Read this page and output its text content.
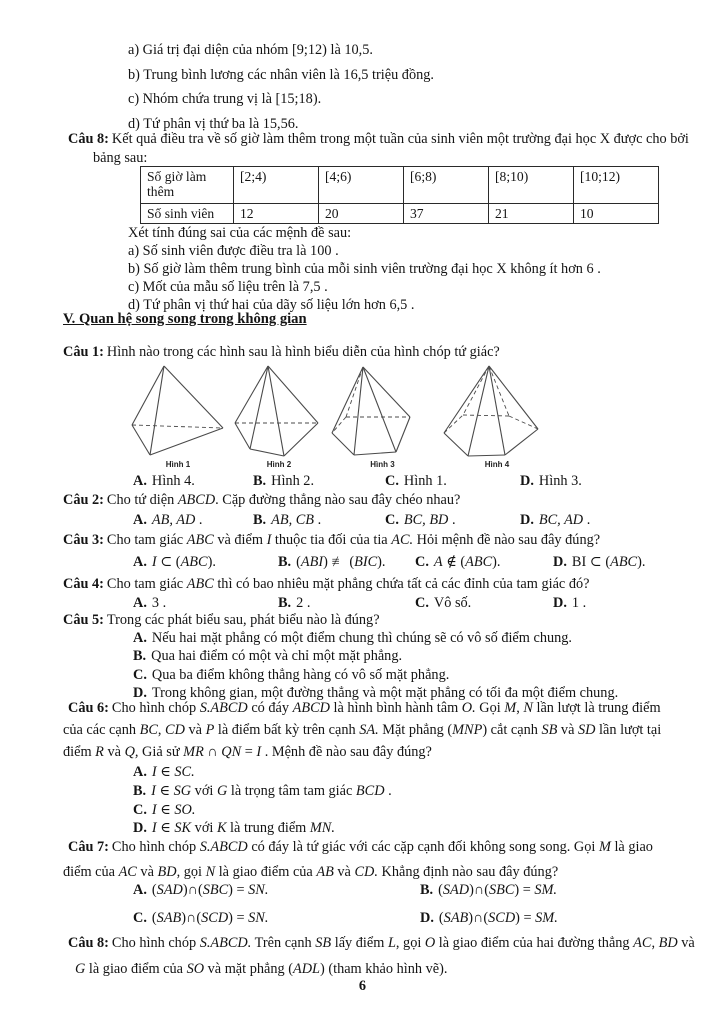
a) Giá trị đại diện của nhóm [9;12) là 10,5.
b) Trung bình lương các nhân viên là 16,5 triệu đồng.
c) Nhóm chứa trung vị là [15;18).
d) Tứ phân vị thứ ba là 15,56.
Câu 8: Kết quả điều tra về số giờ làm thêm trong một tuần của sinh viên một trường đại học X được cho bởi bảng sau:
Số giờ làm thêm	[2;4)	[4;6)	[6;8)	[8;10)	[10;12)
Số sinh viên	12	20	37	21	10
Xét tính đúng sai của các mệnh đề sau:
a) Số sinh viên được điều tra là 100 .
b) Số giờ làm thêm trung bình của mỗi sinh viên trường đại học X không ít hơn 6 .
c) Mốt của mẫu số liệu trên là 7,5 .
d) Tứ phân vị thứ hai của dãy số liệu lớn hơn 6,5 .
V. Quan hệ song song trong không gian
Câu 1: Hình nào trong các hình sau là hình biểu diễn của hình chóp tứ giác?
Hình 1	Hình 2	Hình 3	Hình 4
A. Hình 4.	B. Hình 2.	C. Hình 1.	D. Hình 3.
Câu 2: Cho tứ diện ABCD. Cặp đường thẳng nào sau đây chéo nhau?
A. AB, AD .	B. AB, CB .	C. BC, BD .	D. BC, AD .
Câu 3: Cho tam giác ABC và điểm I thuộc tia đối của tia AC. Hỏi mệnh đề nào sau đây đúng?
A. I ⊂ (ABC).	B. (ABI) ≢ (BIC).	C. A ∉ (ABC).	D. BI ⊂ (ABC).
Câu 4: Cho tam giác ABC thì có bao nhiêu mặt phẳng chứa tất cả các đỉnh của tam giác đó?
A. 3 .	B. 2 .	C. Vô số.	D. 1 .
Câu 5: Trong các phát biểu sau, phát biểu nào là đúng?
A. Nếu hai mặt phẳng có một điểm chung thì chúng sẽ có vô số điểm chung.
B. Qua hai điểm có một và chỉ một mặt phẳng.
C. Qua ba điểm không thẳng hàng có vô số mặt phẳng.
D. Trong không gian, một đường thẳng và một mặt phẳng có tối đa một điểm chung.
Câu 6: Cho hình chóp S.ABCD có đáy ABCD là hình bình hành tâm O. Gọi M, N lần lượt là trung điểm của các cạnh BC, CD và P là điểm bất kỳ trên cạnh SA. Mặt phẳng (MNP) cắt cạnh SB và SD lần lượt tại điểm R và Q, Giả sử MR ∩ QN = I . Mệnh đề nào sau đây đúng?
A. I ∈ SC.
B. I ∈ SG với G là trọng tâm tam giác BCD .
C. I ∈ SO.
D. I ∈ SK với K là trung điểm MN.
Câu 7: Cho hình chóp S.ABCD có đáy là tứ giác với các cặp cạnh đối không song song. Gọi M là giao điểm của AC và BD, gọi N là giao điểm của AB và CD. Khẳng định nào sau đây đúng?
A. (SAD)∩(SBC) = SN.	B. (SAD)∩(SBC) = SM.
C. (SAB)∩(SCD) = SN.	D. (SAB)∩(SCD) = SM.
Câu 8: Cho hình chóp S.ABCD. Trên cạnh SB lấy điểm L, gọi O là giao điểm của hai đường thẳng AC, BD và G là giao điểm của SO và mặt phẳng (ADL) (tham khảo hình vẽ).
6
